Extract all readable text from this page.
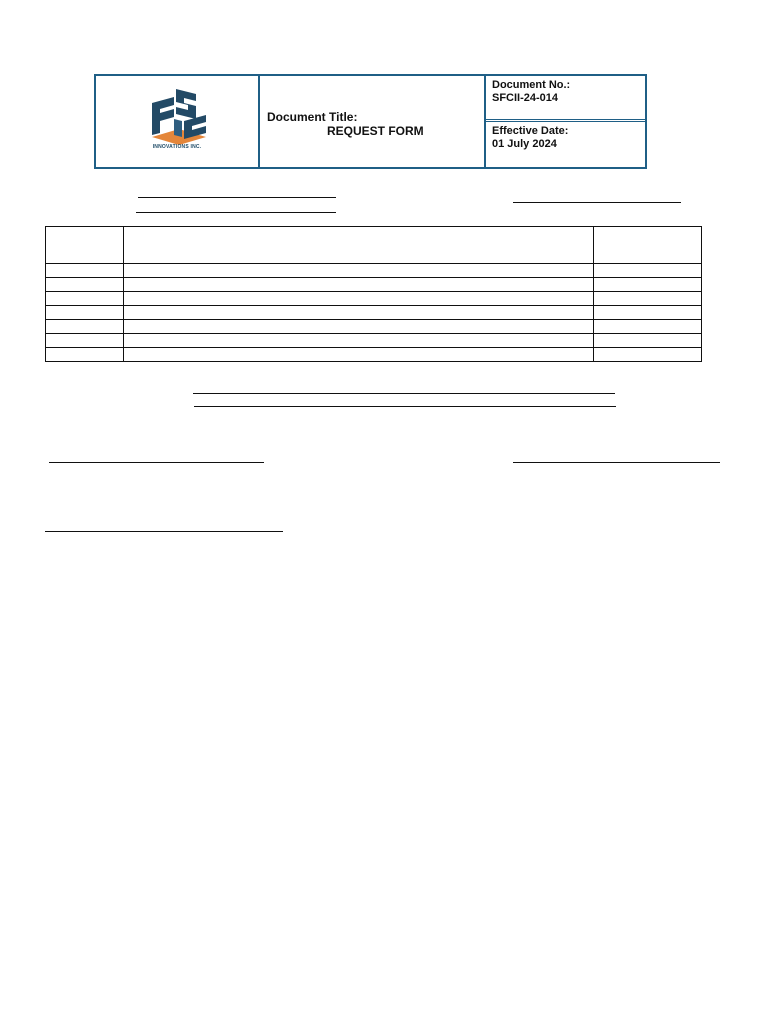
INNOVATIONS INC.
Document Title:
REQUEST FORM
Document No.:
SFCII-24-014
Effective Date:
01 July 2024
